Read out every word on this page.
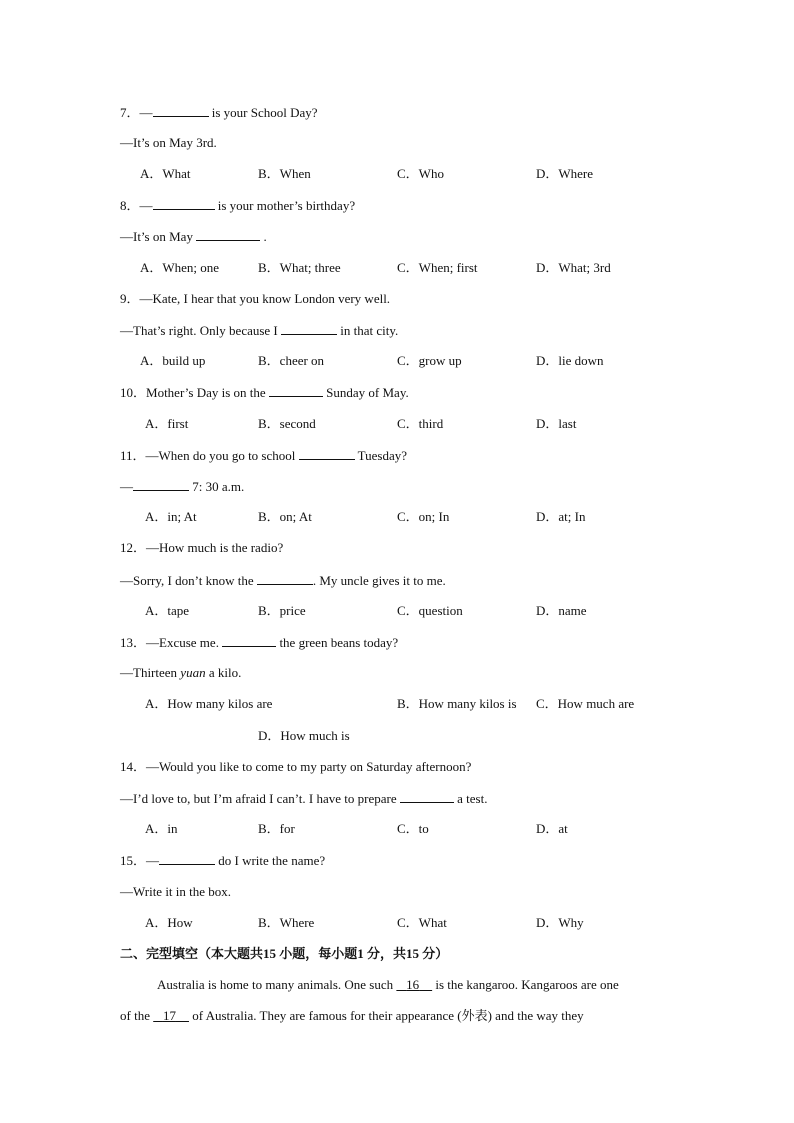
7．—	is your School Day?
—It’s on May 3rd.
A．What	B．When	C．Who	D．Where
8．—	is your mother’s birthday?
—It’s on May	.
A．When; one	B．What; three	C．When; first	D．What; 3rd
9．—Kate, I hear that you know London very well.
—That’s right. Only because I	in that city.
A．build up	B．cheer on	C．grow up	D．lie down
10．Mother’s Day is on the	Sunday of May.
A．first	B．second	C．third	D．last
11．—When do you go to school	Tuesday?
—	7: 30 a.m.
A．in; At	B．on; At	C．on; In	D．at; In
12．—How much is the radio?
—Sorry, I don’t know the	. My uncle gives it to me.
A．tape	B．price	C．question	D．name
13．—Excuse me.	the green beans today?
—Thirteen yuan a kilo.
A．How many kilos are	B．How many kilos is C．How much are
D．How much is
14．—Would you like to come to my party on Saturday afternoon?
—I’d love to, but I’m afraid I can’t. I have to prepare	a test.
A．in	B．for	C．to	D．at
15．—	do I write the name?
—Write it in the box.
A．How	B．Where	C．What	D．Why
二、完型填空（本大题共15 小题，每小题1 分，共15 分）
Australia is home to many animals. One such    16     is the kangaroo. Kangaroos are one
of the    17     of Australia. They are famous for their appearance (外表) and the way they
